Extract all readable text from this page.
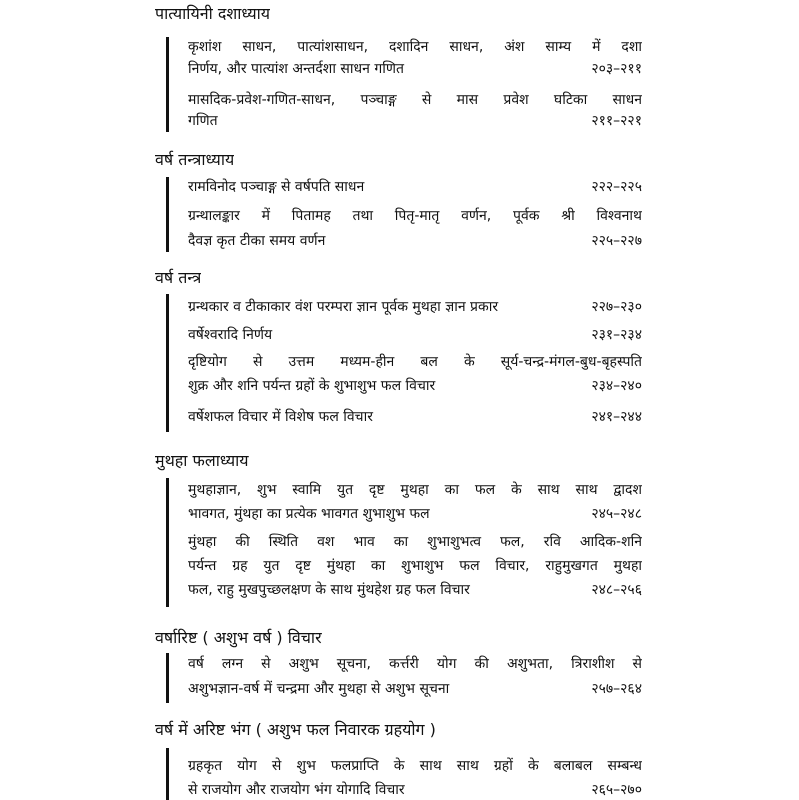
पात्यायिनी दशाध्याय
कृशांश साधन, पात्यांशसाधन, दशादिन साधन, अंश साम्य में दशा
निर्णय, और पात्यांश अन्तर्दशा साधन गणित	२०३–२११
मासदिक-प्रवेश-गणित-साधन, पञ्चाङ्ग से मास प्रवेश घटिका साधन
गणित	२११–२२१
वर्ष तन्त्राध्याय
रामविनोद पञ्चाङ्ग से वर्षपति साधन	२२२–२२५
ग्रन्थालङ्कार में पितामह तथा पितृ-मातृ वर्णन, पूर्वक श्री विश्वनाथ
दैवज्ञ कृत टीका समय वर्णन	२२५–२२७
वर्ष तन्त्र
ग्रन्थकार व टीकाकार वंश परम्परा ज्ञान पूर्वक मुथहा ज्ञान प्रकार	२२७–२३०
वर्षेश्वरादि निर्णय	२३१–२३४
दृष्टियोग से उत्तम मध्यम-हीन बल के सूर्य-चन्द्र-मंगल-बुध-बृहस्पति
शुक्र और शनि पर्यन्त ग्रहों के शुभाशुभ फल विचार	२३४–२४०
वर्षेशफल विचार में विशेष फल विचार	२४१–२४४
मुथहा फलाध्याय
मुथहाज्ञान, शुभ स्वामि युत दृष्ट मुथहा का फल के साथ साथ द्वादश
भावगत, मुंथहा का प्रत्येक भावगत शुभाशुभ फल	२४५–२४८
मुंथहा की स्थिति वश भाव का शुभाशुभत्व फल, रवि आदिक-शनि
पर्यन्त ग्रह युत दृष्ट मुंथहा का शुभाशुभ फल विचार, राहुमुखगत मुथहा
फल, राहु मुखपुच्छलक्षण के साथ मुंथहेश ग्रह फल विचार	२४८–२५६
वर्षारिष्ट ( अशुभ वर्ष ) विचार
वर्ष लग्न से अशुभ सूचना, कर्त्तरी योग की अशुभता, त्रिराशीश से
अशुभज्ञान-वर्ष में चन्द्रमा और मुथहा से अशुभ सूचना	२५७–२६४
वर्ष में अरिष्ट भंग ( अशुभ फल निवारक ग्रहयोग )
ग्रहकृत योग से शुभ फलप्राप्ति के साथ साथ ग्रहों के बलाबल सम्बन्ध
से राजयोग और राजयोग भंग योगादि विचार	२६५–२७०
